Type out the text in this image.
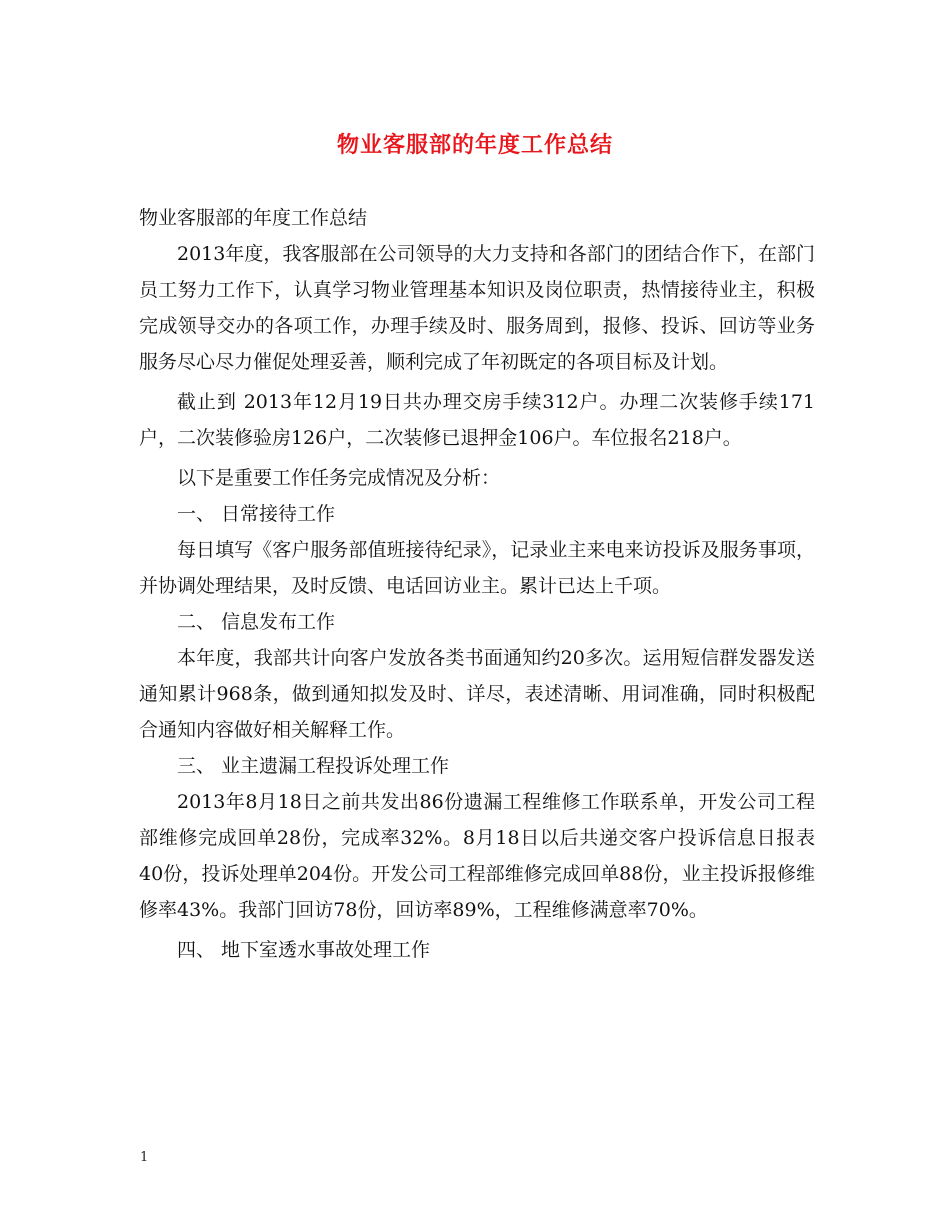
物业客服部的年度工作总结

物业客服部的年度工作总结

2013年度，我客服部在公司领导的大力支持和各部门的团结合作下，在部门员工努力工作下，认真学习物业管理基本知识及岗位职责，热情接待业主，积极完成领导交办的各项工作，办理手续及时、服务周到，报修、投诉、回访等业务服务尽心尽力催促处理妥善，顺利完成了年初既定的各项目标及计划。

截止到 2013年12月19日共办理交房手续312户。办理二次装修手续171户，二次装修验房126户，二次装修已退押金106户。车位报名218户。

以下是重要工作任务完成情况及分析：

一、 日常接待工作

每日填写《客户服务部值班接待纪录》，记录业主来电来访投诉及服务事项，并协调处理结果，及时反馈、电话回访业主。累计已达上千项。

二、 信息发布工作

本年度，我部共计向客户发放各类书面通知约20多次。运用短信群发器发送通知累计968条，做到通知拟发及时、详尽，表述清晰、用词准确，同时积极配合通知内容做好相关解释工作。

三、 业主遗漏工程投诉处理工作

2013年8月18日之前共发出86份遗漏工程维修工作联系单，开发公司工程部维修完成回单28份，完成率32%。8月18日以后共递交客户投诉信息日报表40份，投诉处理单204份。开发公司工程部维修完成回单88份，业主投诉报修维修率43%。我部门回访78份，回访率89%，工程维修满意率70%。

四、 地下室透水事故处理工作

1
